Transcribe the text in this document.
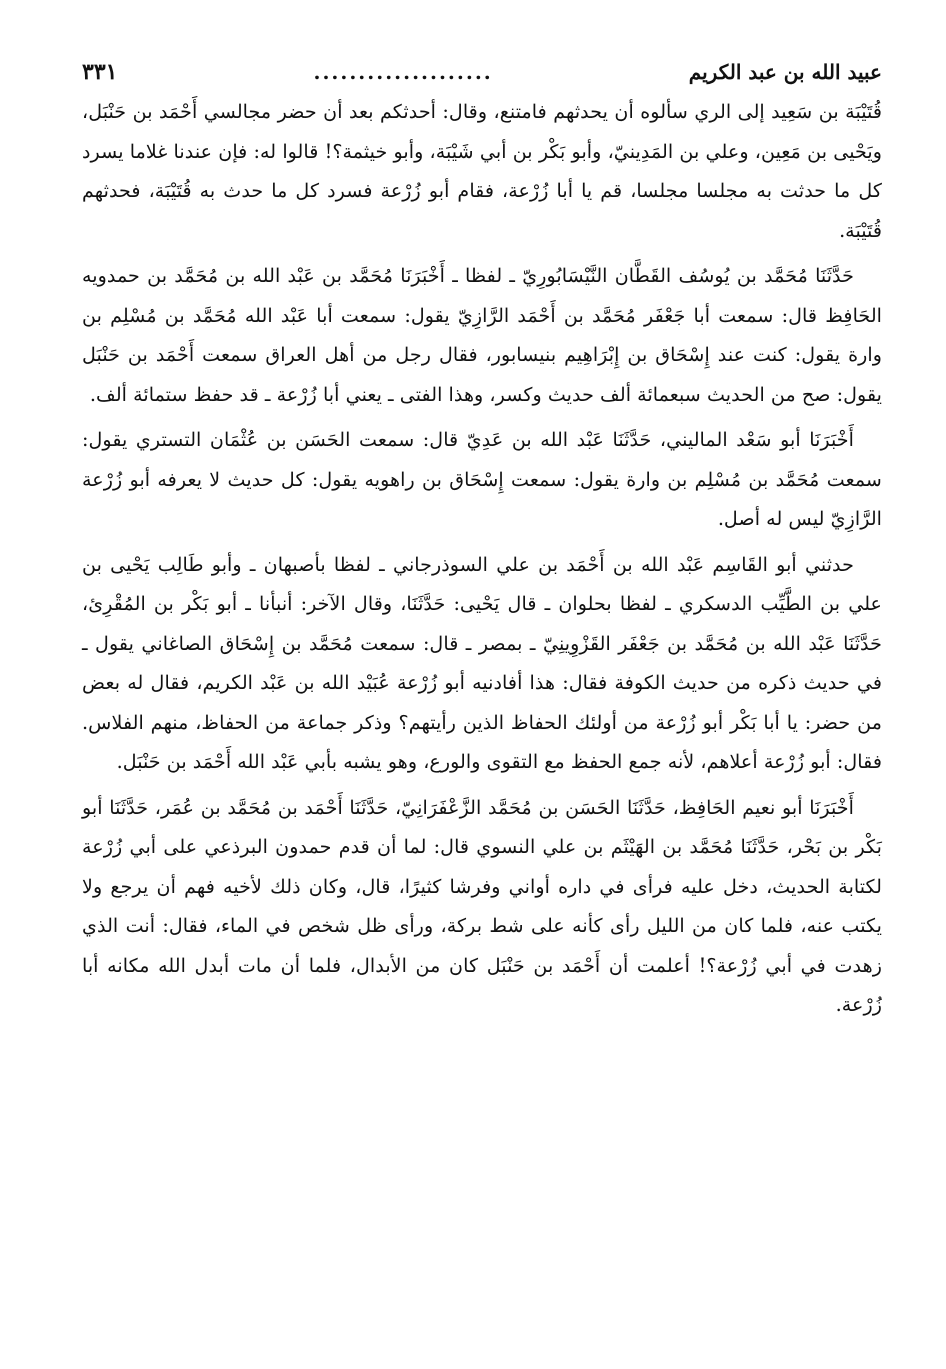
عبيد الله بن عبد الكريم
....................
٣٣١

قُتَيْبَة بن سَعِيد إلى الري سألوه أن يحدثهم فامتنع، وقال: أحدثكم بعد أن حضر مجالسي أَحْمَد بن حَنْبَل، ويَحْيى بن مَعِين، وعلي بن المَدِينيّ، وأبو بَكْر بن أبي شَيْبَة، وأبو خيثمة؟! قالوا له: فإن عندنا غلاما يسرد كل ما حدثت به مجلسا مجلسا، قم يا أبا زُرْعة، فقام أبو زُرْعة فسرد كل ما حدث به قُتَيْبَة، فحدثهم قُتَيْبَة.

حَدَّثَنَا مُحَمَّد بن يُوسُف القَطَّان النَّيْسَابُورِيّ ـ لفظا ـ أَخْبَرَنَا مُحَمَّد بن عَبْد الله بن مُحَمَّد بن حمدويه الحَافِظ قال: سمعت أبا جَعْفَر مُحَمَّد بن أَحْمَد الرَّازِيّ يقول: سمعت أبا عَبْد الله مُحَمَّد بن مُسْلِم بن وارة يقول: كنت عند إِسْحَاق بن إِبْرَاهِيم بنيسابور، فقال رجل من أهل العراق سمعت أَحْمَد بن حَنْبَل يقول: صح من الحديث سبعمائة ألف حديث وكسر، وهذا الفتى ـ يعني أبا زُرْعة ـ قد حفظ ستمائة ألف.

أَخْبَرَنَا أبو سَعْد الماليني، حَدَّثَنَا عَبْد الله بن عَدِيّ قال: سمعت الحَسَن بن عُثْمَان التستري يقول: سمعت مُحَمَّد بن مُسْلِم بن وارة يقول: سمعت إِسْحَاق بن راهويه يقول: كل حديث لا يعرفه أبو زُرْعة الرَّازِيّ ليس له أصل.

حدثني أبو القَاسِم عَبْد الله بن أَحْمَد بن علي السوذرجاني ـ لفظا بأصبهان ـ وأبو طَالِب يَحْيى بن علي بن الطَّيِّب الدسكري ـ لفظا بحلوان ـ قال يَحْيى: حَدَّثَنَا، وقال الآخر: أنبأنا ـ أبو بَكْر بن المُقْرِئ، حَدَّثَنَا عَبْد الله بن مُحَمَّد بن جَعْفَر القَزْوِينِيّ ـ بمصر ـ قال: سمعت مُحَمَّد بن إِسْحَاق الصاغاني يقول ـ في حديث ذكره من حديث الكوفة فقال: هذا أفادنيه أبو زُرْعة عُبَيْد الله بن عَبْد الكريم، فقال له بعض من حضر: يا أبا بَكْر أبو زُرْعة من أولئك الحفاظ الذين رأيتهم؟ وذكر جماعة من الحفاظ، منهم الفلاس. فقال: أبو زُرْعة أعلاهم، لأنه جمع الحفظ مع التقوى والورع، وهو يشبه بأبي عَبْد الله أَحْمَد بن حَنْبَل.

أَخْبَرَنَا أبو نعيم الحَافِظ، حَدَّثَنَا الحَسَن بن مُحَمَّد الزَّعْفَرَانِيّ، حَدَّثَنَا أَحْمَد بن مُحَمَّد بن عُمَر، حَدَّثَنَا أبو بَكْر بن بَحْر، حَدَّثَنَا مُحَمَّد بن الهَيْثَم بن علي النسوي قال: لما أن قدم حمدون البرذعي على أبي زُرْعة لكتابة الحديث، دخل عليه فرأى في داره أواني وفرشا كثيرًا، قال، وكان ذلك لأخيه فهم أن يرجع ولا يكتب عنه، فلما كان من الليل رأى كأنه على شط بركة، ورأى ظل شخص في الماء، فقال: أنت الذي زهدت في أبي زُرْعة؟! أعلمت أن أَحْمَد بن حَنْبَل كان من الأبدال، فلما أن مات أبدل الله مكانه أبا زُرْعة.
